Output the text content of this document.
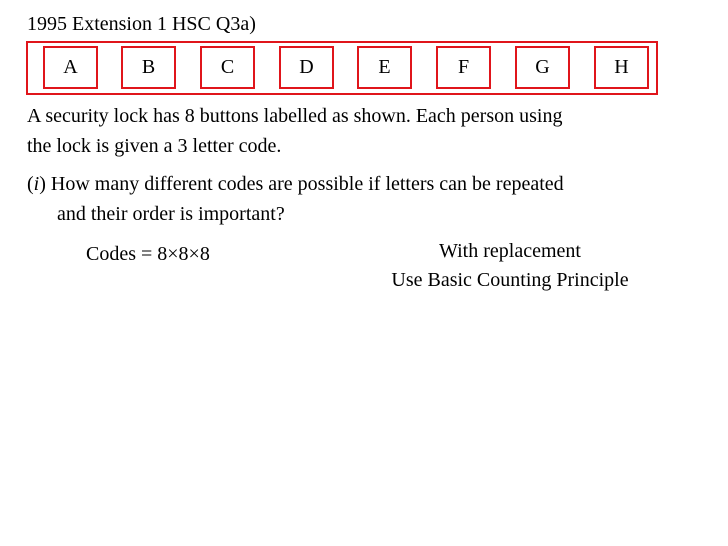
1995 Extension 1 HSC Q3a)
A	B	C	D	E	F	G	H
A security lock has 8 buttons labelled as shown. Each person using
the lock is given a 3 letter code.
(i) How many different codes are possible if letters can be repeated
and their order is important?
Codes = 8×8×8	With replacement
Use Basic Counting Principle
